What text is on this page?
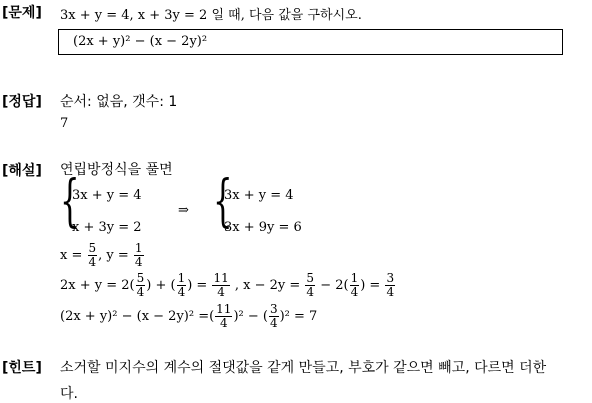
[문제] 3x + y = 4, x + 3y = 2 일 때, 다음 값을 구하시오.
(2x + y)² − (x − 2y)²
[정답] 순서: 없음, 갯수: 1
7
[해설] 연립방정식을 풀면
{
3x + y = 4
x + 3y = 2
⇒ {
3x + y = 4
3x + 9y = 6
$x = \frac{5}{4}$ , $y = \frac{1}{4}$
$2x + y = 2( \frac{5}{4}$ ) + ( $\frac{1}{4}$ ) = $\frac{11}{4}$ , $x - 2y = \frac{5}{4} - 2( \frac{1}{4}$ ) = $\frac{3}{4}$
(2x + y)² − (x − 2y)² =( $\frac{11}{4} )^2$ − ( $\frac{3}{4} )^2 = 7$
[힌트] 소거할 미지수의 계수의 절댓값을 같게 만들고, 부호가 같으면 빼고, 다르면 더한
다.
